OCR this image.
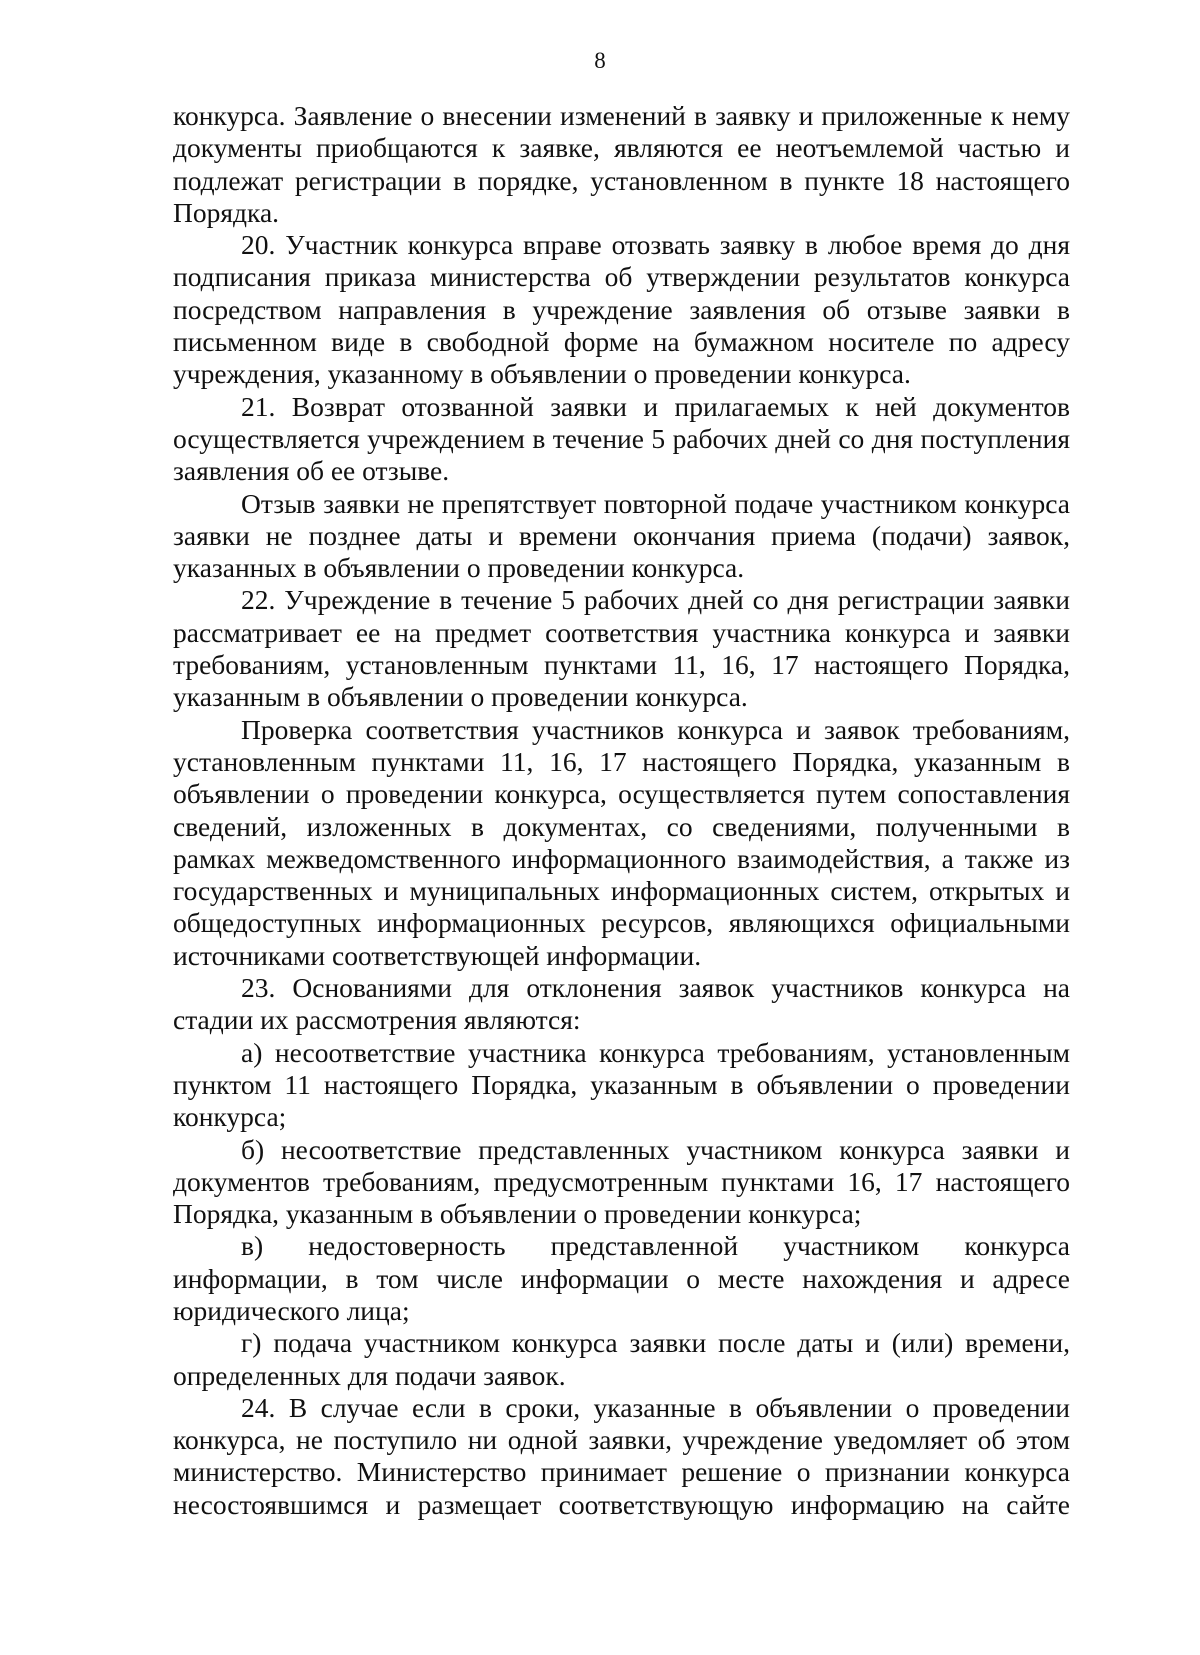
8

конкурса. Заявление о внесении изменений в заявку и приложенные к нему документы приобщаются к заявке, являются ее неотъемлемой частью и подлежат регистрации в порядке, установленном в пункте 18 настоящего Порядка.

20. Участник конкурса вправе отозвать заявку в любое время до дня подписания приказа министерства об утверждении результатов конкурса посредством направления в учреждение заявления об отзыве заявки в письменном виде в свободной форме на бумажном носителе по адресу учреждения, указанному в объявлении о проведении конкурса.

21. Возврат отозванной заявки и прилагаемых к ней документов осуществляется учреждением в течение 5 рабочих дней со дня поступления заявления об ее отзыве.

Отзыв заявки не препятствует повторной подаче участником конкурса заявки не позднее даты и времени окончания приема (подачи) заявок, указанных в объявлении о проведении конкурса.

22. Учреждение в течение 5 рабочих дней со дня регистрации заявки рассматривает ее на предмет соответствия участника конкурса и заявки требованиям, установленным пунктами 11, 16, 17 настоящего Порядка, указанным в объявлении о проведении конкурса.

Проверка соответствия участников конкурса и заявок требованиям, установленным пунктами 11, 16, 17 настоящего Порядка, указанным в объявлении о проведении конкурса, осуществляется путем сопоставления сведений, изложенных в документах, со сведениями, полученными в рамках межведомственного информационного взаимодействия, а также из государственных и муниципальных информационных систем, открытых и общедоступных информационных ресурсов, являющихся официальными источниками соответствующей информации.

23. Основаниями для отклонения заявок участников конкурса на стадии их рассмотрения являются:

а) несоответствие участника конкурса требованиям, установленным пунктом 11 настоящего Порядка, указанным в объявлении о проведении конкурса;

б) несоответствие представленных участником конкурса заявки и документов требованиям, предусмотренным пунктами 16, 17 настоящего Порядка, указанным в объявлении о проведении конкурса;

в) недостоверность представленной участником конкурса информации, в том числе информации о месте нахождения и адресе юридического лица;

г) подача участником конкурса заявки после даты и (или) времени, определенных для подачи заявок.

24. В случае если в сроки, указанные в объявлении о проведении конкурса, не поступило ни одной заявки, учреждение уведомляет об этом министерство. Министерство принимает решение о признании конкурса несостоявшимся и размещает соответствующую информацию на сайте
